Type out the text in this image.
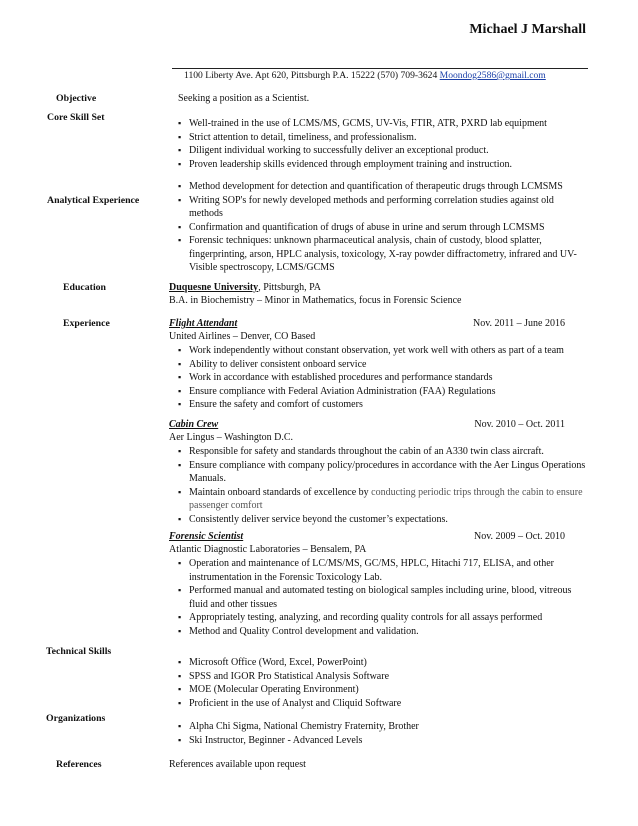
Michael J Marshall
1100 Liberty Ave. Apt 620, Pittsburgh P.A. 15222 (570) 709-3624 Moondog2586@gmail.com
Objective	Seeking a position as a Scientist.
Core Skill Set
▪ Well-trained in the use of LCMS/MS, GCMS, UV-Vis, FTIR, ATR, PXRD lab equipment
▪ Strict attention to detail, timeliness, and professionalism.
▪ Diligent individual working to successfully deliver an exceptional product.
▪ Proven leadership skills evidenced through employment training and instruction.
Analytical Experience
▪ Method development for detection and quantification of therapeutic drugs through LCMSMS
▪ Writing SOP's for newly developed methods and performing correlation studies against old methods
▪ Confirmation and quantification of drugs of abuse in urine and serum through LCMSMS
▪ Forensic techniques: unknown pharmaceutical analysis, chain of custody, blood splatter, fingerprinting, arson, HPLC analysis, toxicology, X-ray powder diffractometry, infrared and UV-Visible spectroscopy, LCMS/GCMS
Education	Duquesne University, Pittsburgh, PA
B.A. in Biochemistry – Minor in Mathematics, focus in Forensic Science
Experience	Flight Attendant	Nov. 2011 – June 2016
United Airlines – Denver, CO Based
▪ Work independently without constant observation, yet work well with others as part of a team
▪ Ability to deliver consistent onboard service
▪ Work in accordance with established procedures and performance standards
▪ Ensure compliance with Federal Aviation Administration (FAA) Regulations
▪ Ensure the safety and comfort of customers
Cabin Crew	Nov. 2010 – Oct. 2011
Aer Lingus – Washington D.C.
▪ Responsible for safety and standards throughout the cabin of an A330 twin class aircraft.
▪ Ensure compliance with company policy/procedures in accordance with the Aer Lingus Operations Manuals.
▪ Maintain onboard standards of excellence by conducting periodic trips through the cabin to ensure passenger comfort
▪ Consistently deliver service beyond the customer’s expectations.
Forensic Scientist	Nov. 2009 – Oct. 2010
Atlantic Diagnostic Laboratories – Bensalem, PA
▪ Operation and maintenance of LC/MS/MS, GC/MS, HPLC, Hitachi 717, ELISA, and other instrumentation in the Forensic Toxicology Lab.
▪ Performed manual and automated testing on biological samples including urine, blood, vitreous fluid and other tissues
▪ Appropriately testing, analyzing, and recording quality controls for all assays performed
▪ Method and Quality Control development and validation.
Technical Skills
▪ Microsoft Office (Word, Excel, PowerPoint)
▪ SPSS and IGOR Pro Statistical Analysis Software
▪ MOE (Molecular Operating Environment)
▪ Proficient in the use of Analyst and Cliquid Software
Organizations
▪ Alpha Chi Sigma, National Chemistry Fraternity, Brother
▪ Ski Instructor, Beginner - Advanced Levels
References	References available upon request
